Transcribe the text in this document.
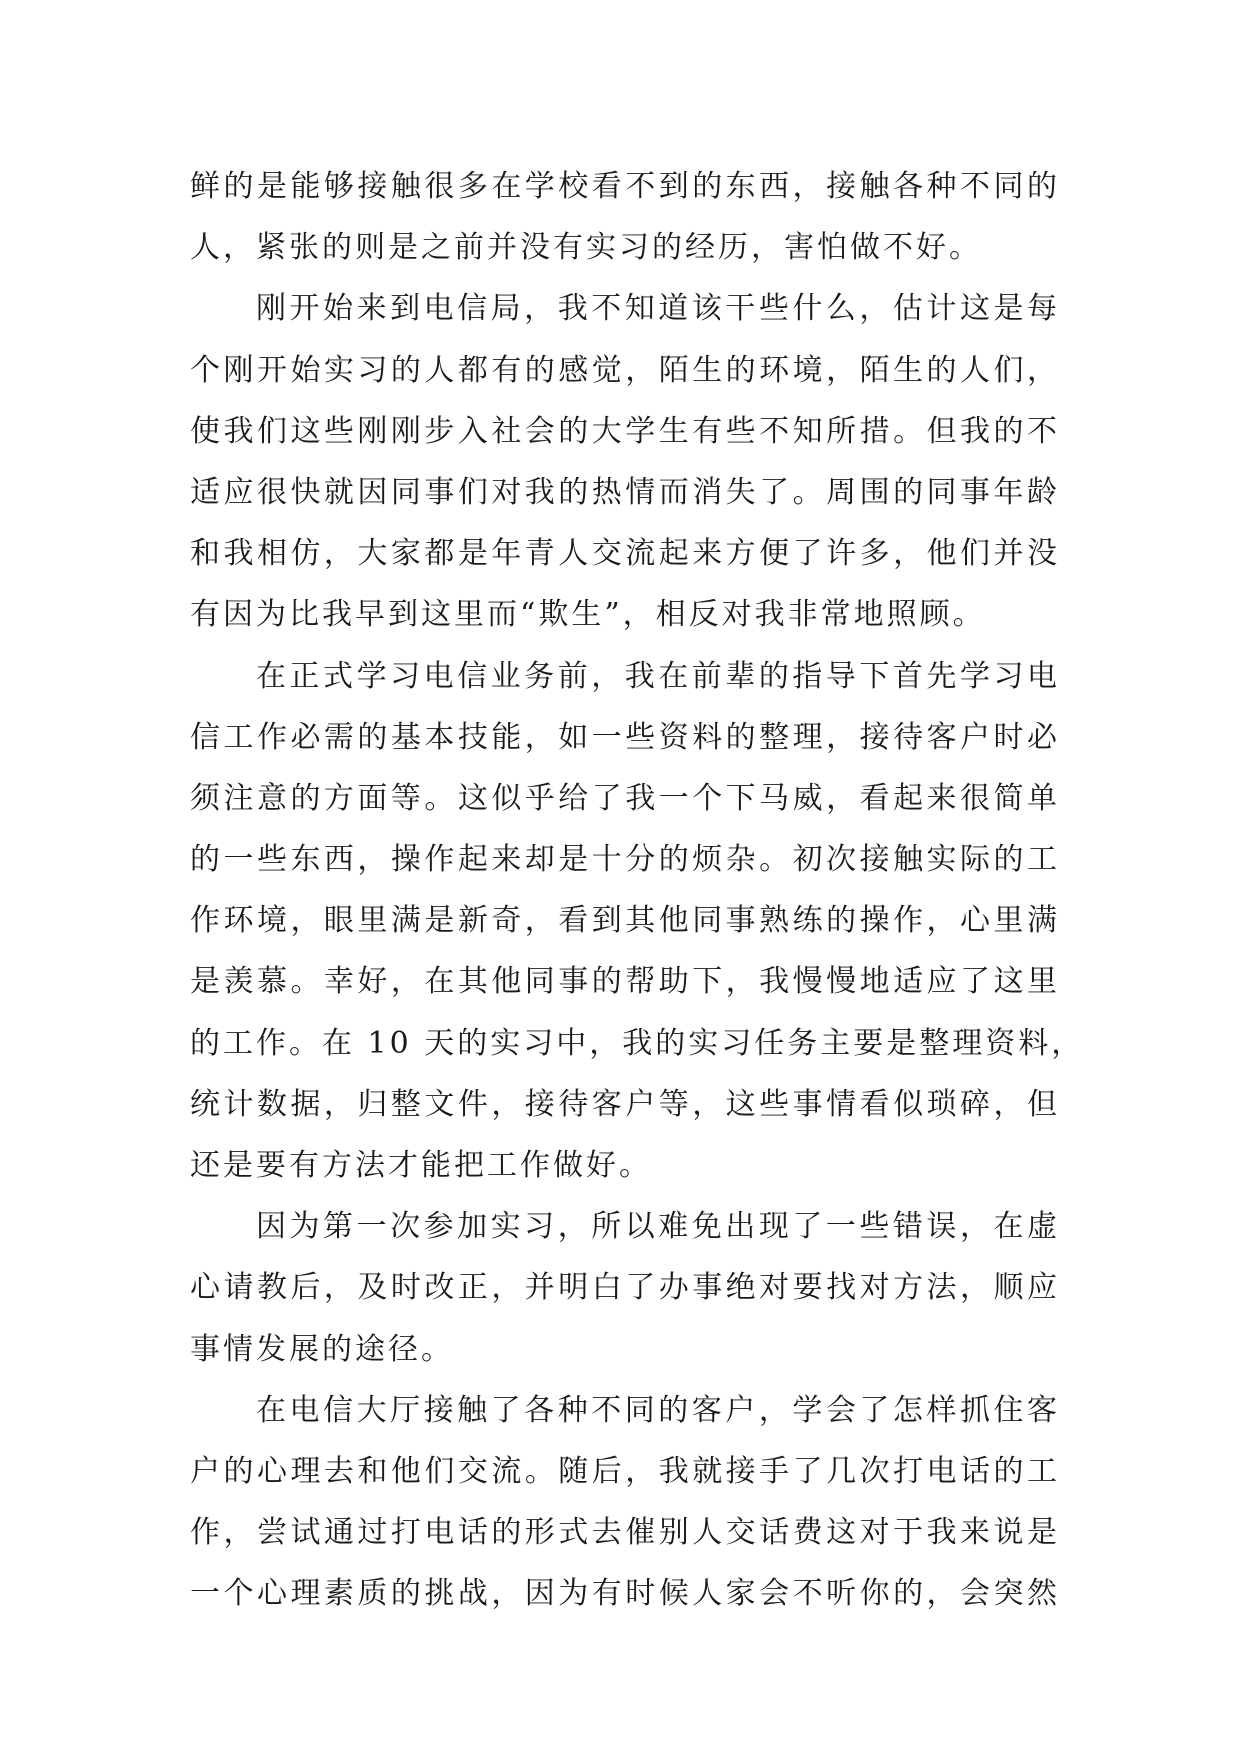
鲜的是能够接触很多在学校看不到的东西，接触各种不同的
人，紧张的则是之前并没有实习的经历，害怕做不好。
刚开始来到电信局，我不知道该干些什么，估计这是每
个刚开始实习的人都有的感觉，陌生的环境，陌生的人们，
使我们这些刚刚步入社会的大学生有些不知所措。但我的不
适应很快就因同事们对我的热情而消失了。周围的同事年龄
和我相仿，大家都是年青人交流起来方便了许多，他们并没
有因为比我早到这里而“欺生”，相反对我非常地照顾。
在正式学习电信业务前，我在前辈的指导下首先学习电
信工作必需的基本技能，如一些资料的整理，接待客户时必
须注意的方面等。这似乎给了我一个下马威，看起来很简单
的一些东西，操作起来却是十分的烦杂。初次接触实际的工
作环境，眼里满是新奇，看到其他同事熟练的操作，心里满
是羡慕。幸好，在其他同事的帮助下，我慢慢地适应了这里
的工作。在 10 天的实习中，我的实习任务主要是整理资料，
统计数据，归整文件，接待客户等，这些事情看似琐碎，但
还是要有方法才能把工作做好。
因为第一次参加实习，所以难免出现了一些错误，在虚
心请教后，及时改正，并明白了办事绝对要找对方法，顺应
事情发展的途径。
在电信大厅接触了各种不同的客户，学会了怎样抓住客
户的心理去和他们交流。随后，我就接手了几次打电话的工
作，尝试通过打电话的形式去催别人交话费这对于我来说是
一个心理素质的挑战，因为有时候人家会不听你的，会突然
